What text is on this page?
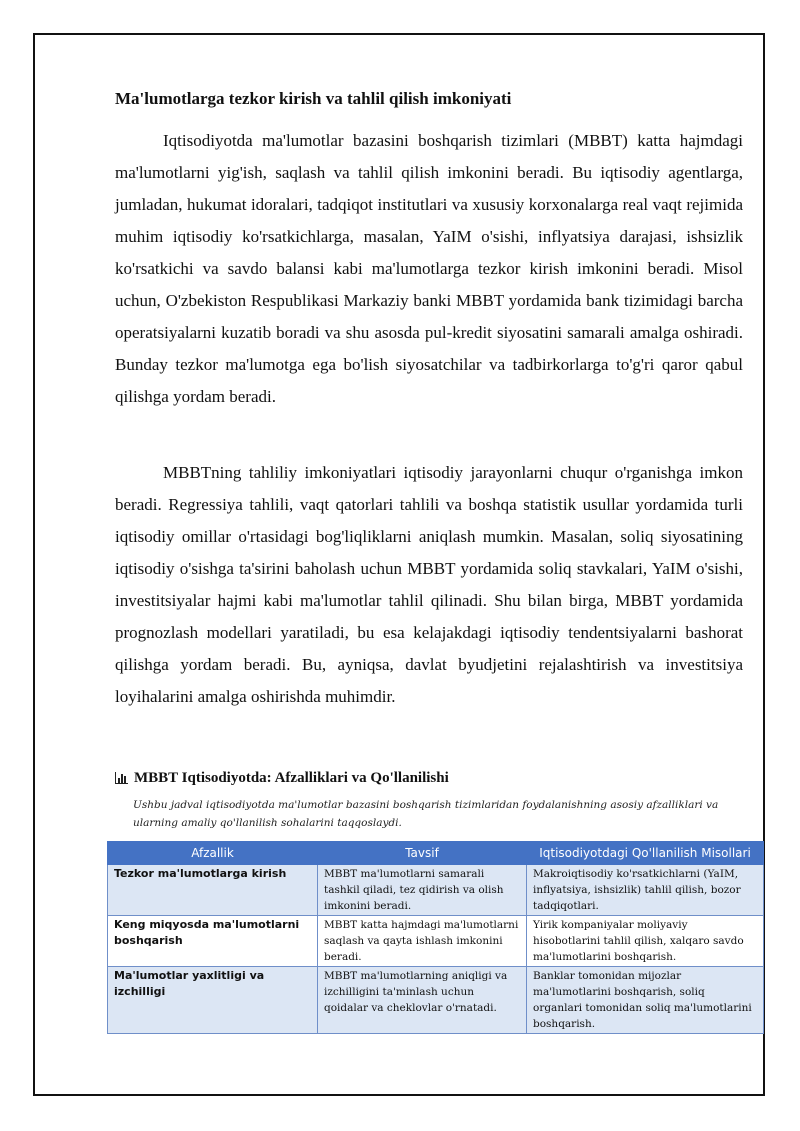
Ma'lumotlarga tezkor kirish va tahlil qilish imkoniyati

Iqtisodiyotda ma'lumotlar bazasini boshqarish tizimlari (MBBT) katta hajmdagi ma'lumotlarni yig'ish, saqlash va tahlil qilish imkonini beradi. Bu iqtisodiy agentlarga, jumladan, hukumat idoralari, tadqiqot institutlari va xususiy korxonalarga real vaqt rejimida muhim iqtisodiy ko'rsatkichlarga, masalan, YaIM o'sishi, inflyatsiya darajasi, ishsizlik ko'rsatkichi va savdo balansi kabi ma'lumotlarga tezkor kirish imkonini beradi. Misol uchun, O'zbekiston Respublikasi Markaziy banki MBBT yordamida bank tizimidagi barcha operatsiyalarni kuzatib boradi va shu asosda pul-kredit siyosatini samarali amalga oshiradi. Bunday tezkor ma'lumotga ega bo'lish siyosatchilar va tadbirkorlarga to'g'ri qaror qabul qilishga yordam beradi.

MBBTning tahliliy imkoniyatlari iqtisodiy jarayonlarni chuqur o'rganishga imkon beradi. Regressiya tahlili, vaqt qatorlari tahlili va boshqa statistik usullar yordamida turli iqtisodiy omillar o'rtasidagi bog'liqliklarni aniqlash mumkin. Masalan, soliq siyosatining iqtisodiy o'sishga ta'sirini baholash uchun MBBT yordamida soliq stavkalari, YaIM o'sishi, investitsiyalar hajmi kabi ma'lumotlar tahlil qilinadi. Shu bilan birga, MBBT yordamida prognozlash modellari yaratiladi, bu esa kelajakdagi iqtisodiy tendentsiyalarni bashorat qilishga yordam beradi. Bu, ayniqsa, davlat byudjetini rejalashtirish va investitsiya loyihalarini amalga oshirishda muhimdir.

MBBT Iqtisodiyotda: Afzalliklari va Qo'llanilishi
Ushbu jadval iqtisodiyotda ma'lumotlar bazasini boshqarish tizimlaridan foydalanishning asosiy afzalliklari va ularning amaliy qo'llanilish sohalarini taqqoslaydi.
Afzallik	Tavsif	Iqtisodiyotdagi Qo'llanilish Misollari
Tezkor ma'lumotlarga kirish	MBBT ma'lumotlarni samarali tashkil qiladi, tez qidirish va olish imkonini beradi.	Makroiqtisodiy ko'rsatkichlarni (YaIM, inflyatsiya, ishsizlik) tahlil qilish, bozor tadqiqotlari.
Keng miqyosda ma'lumotlarni boshqarish	MBBT katta hajmdagi ma'lumotlarni saqlash va qayta ishlash imkonini beradi.	Yirik kompaniyalar moliyaviy hisobotlarini tahlil qilish, xalqaro savdo ma'lumotlarini boshqarish.
Ma'lumotlar yaxlitligi va izchilligi	MBBT ma'lumotlarning aniqligi va izchilligini ta'minlash uchun qoidalar va cheklovlar o'rnatadi.	Banklar tomonidan mijozlar ma'lumotlarini boshqarish, soliq organlari tomonidan soliq ma'lumotlarini boshqarish.
